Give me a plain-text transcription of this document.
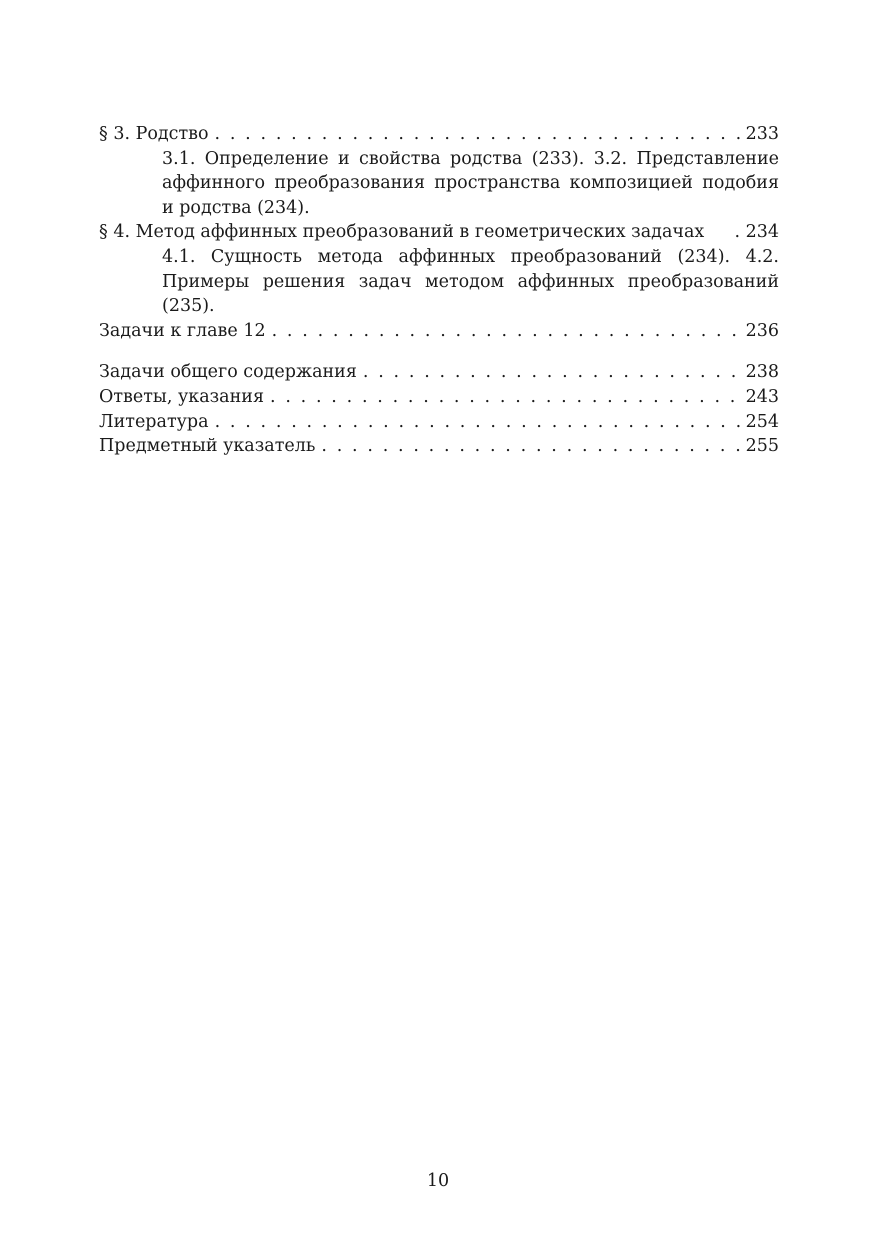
§ 3. Родство . . .	233
3.1. Определение и свойства родства (233). 3.2. Представление аффинного преобразования пространства композицией подобия и родства (234).
§ 4. Метод аффинных преобразований в геометрических задачах . 234
4.1. Сущность метода аффинных преобразований (234). 4.2. Примеры решения задач методом аффинных преобразований (235).
Задачи к главе 12 . . .	236
Задачи общего содержания . . .	238
Ответы, указания . . .	243
Литература . . .	254
Предметный указатель . . .	255
10
